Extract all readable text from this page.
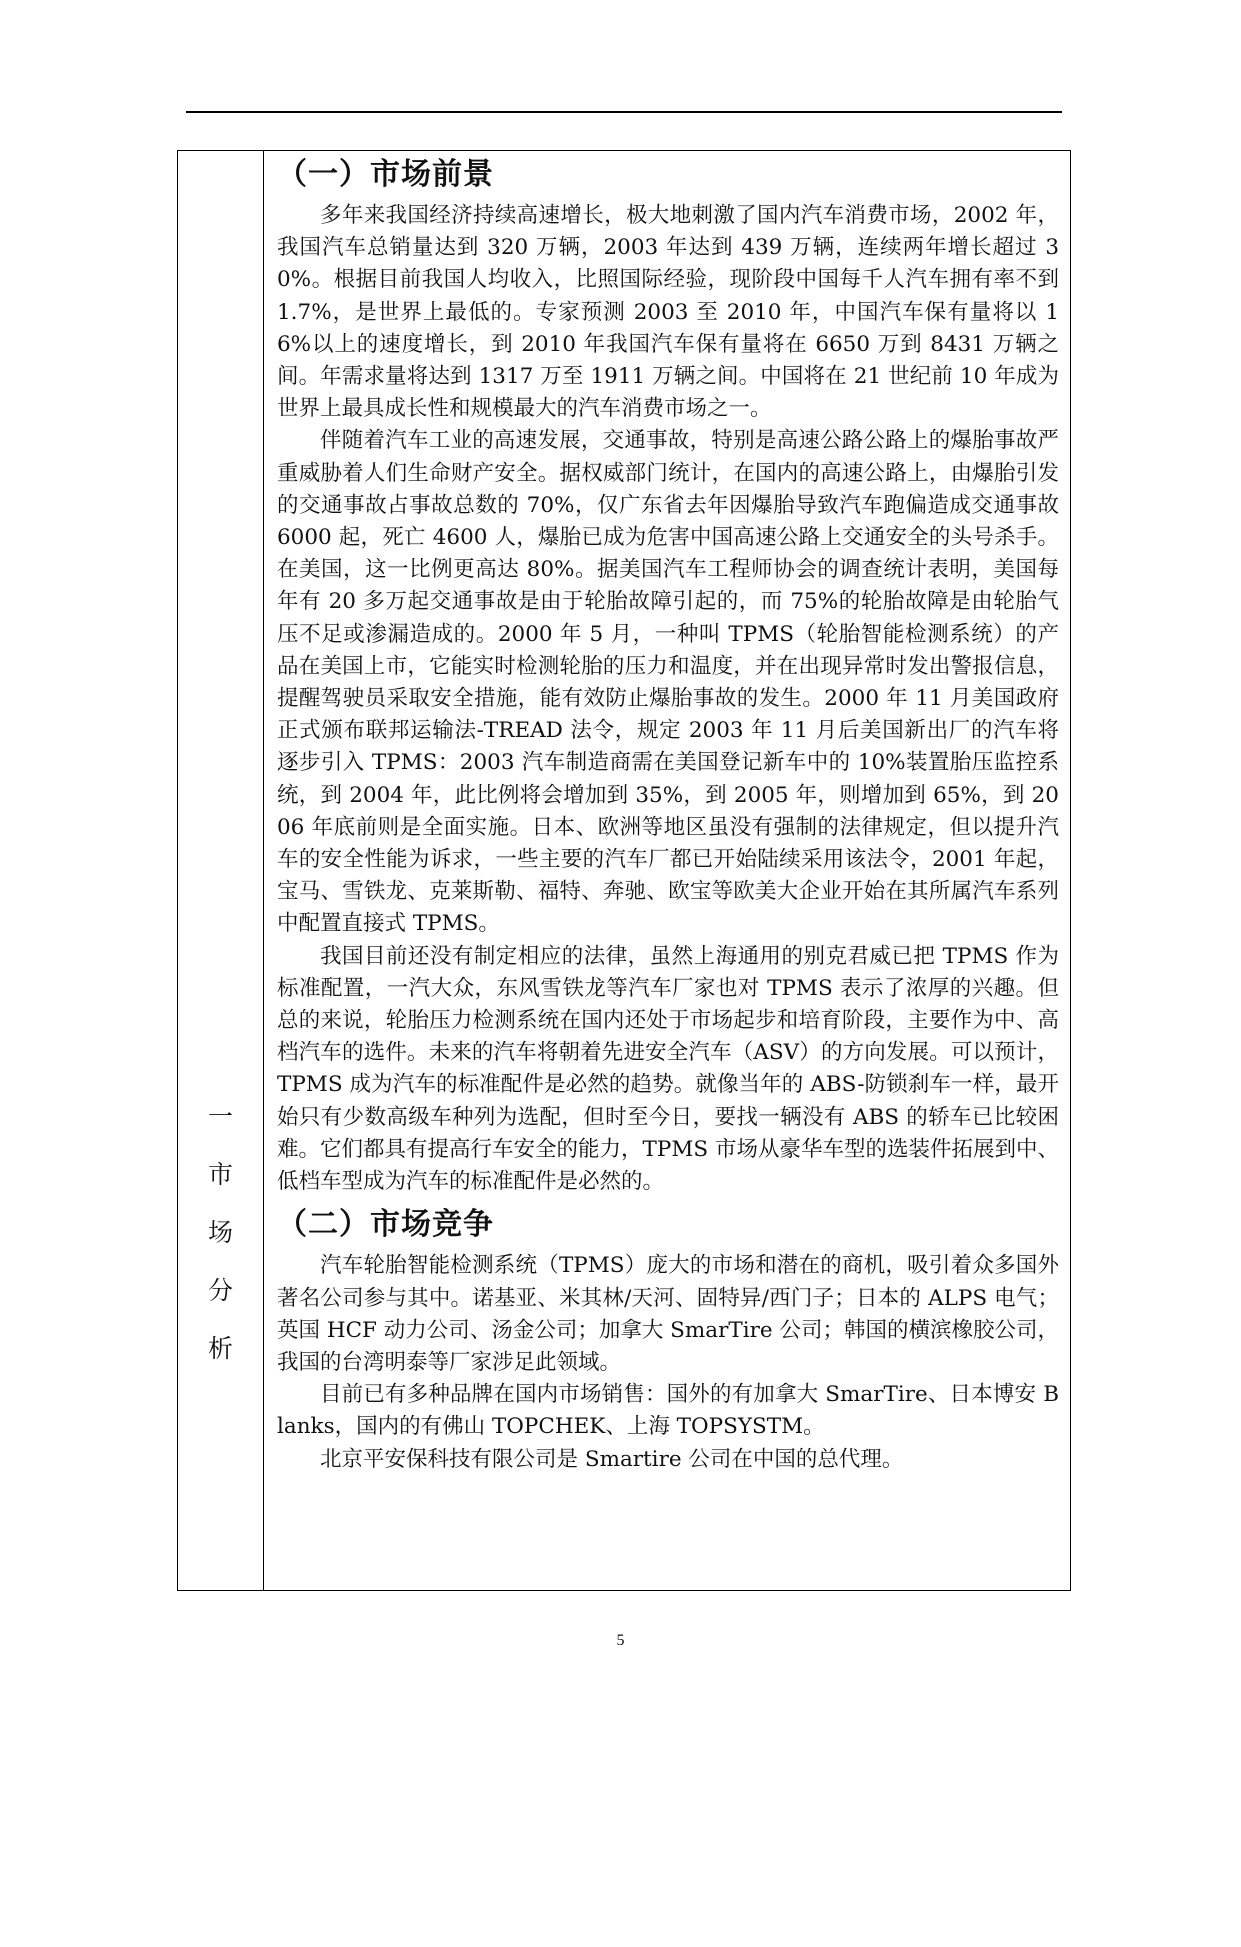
一
市
场
分
析
（一）市场前景

多年来我国经济持续高速增长，极大地刺激了国内汽车消费市场，2002 年，我国汽车总销量达到 320 万辆，2003 年达到 439 万辆，连续两年增长超过 30%。根据目前我国人均收入，比照国际经验，现阶段中国每千人汽车拥有率不到 1.7%，是世界上最低的。专家预测 2003 至 2010 年，中国汽车保有量将以 16%以上的速度增长，到 2010 年我国汽车保有量将在 6650 万到 8431 万辆之间。年需求量将达到 1317 万至 1911 万辆之间。中国将在 21 世纪前 10 年成为世界上最具成长性和规模最大的汽车消费市场之一。

伴随着汽车工业的高速发展，交通事故，特别是高速公路公路上的爆胎事故严重威胁着人们生命财产安全。据权威部门统计，在国内的高速公路上，由爆胎引发的交通事故占事故总数的 70%，仅广东省去年因爆胎导致汽车跑偏造成交通事故 6000 起，死亡 4600 人，爆胎已成为危害中国高速公路上交通安全的头号杀手。在美国，这一比例更高达 80%。据美国汽车工程师协会的调查统计表明，美国每年有 20 多万起交通事故是由于轮胎故障引起的，而 75%的轮胎故障是由轮胎气压不足或渗漏造成的。2000 年 5 月，一种叫 TPMS（轮胎智能检测系统）的产品在美国上市，它能实时检测轮胎的压力和温度，并在出现异常时发出警报信息，提醒驾驶员采取安全措施，能有效防止爆胎事故的发生。2000 年 11 月美国政府正式颁布联邦运输法-TREAD 法令，规定 2003 年 11 月后美国新出厂的汽车将逐步引入 TPMS：2003 汽车制造商需在美国登记新车中的 10%装置胎压监控系统，到 2004 年，此比例将会增加到 35%，到 2005 年，则增加到 65%，到 2006 年底前则是全面实施。日本、欧洲等地区虽没有强制的法律规定，但以提升汽车的安全性能为诉求，一些主要的汽车厂都已开始陆续采用该法令，2001 年起，宝马、雪铁龙、克莱斯勒、福特、奔驰、欧宝等欧美大企业开始在其所属汽车系列中配置直接式 TPMS。

我国目前还没有制定相应的法律，虽然上海通用的别克君威已把 TPMS 作为标准配置，一汽大众，东风雪铁龙等汽车厂家也对 TPMS 表示了浓厚的兴趣。但总的来说，轮胎压力检测系统在国内还处于市场起步和培育阶段，主要作为中、高档汽车的选件。未来的汽车将朝着先进安全汽车（ASV）的方向发展。可以预计，TPMS 成为汽车的标准配件是必然的趋势。就像当年的 ABS-防锁刹车一样，最开始只有少数高级车种列为选配，但时至今日，要找一辆没有 ABS 的轿车已比较困难。它们都具有提高行车安全的能力，TPMS 市场从豪华车型的选装件拓展到中、低档车型成为汽车的标准配件是必然的。

（二）市场竞争

汽车轮胎智能检测系统（TPMS）庞大的市场和潜在的商机，吸引着众多国外著名公司参与其中。诺基亚、米其林/天河、固特异/西门子；日本的 ALPS 电气；英国 HCF 动力公司、汤金公司；加拿大 SmarTire 公司；韩国的横滨橡胶公司，我国的台湾明泰等厂家涉足此领域。

目前已有多种品牌在国内市场销售：国外的有加拿大 SmarTire、日本博安 Blanks，国内的有佛山 TOPCHEK、上海 TOPSYSTM。

北京平安保科技有限公司是 Smartire 公司在中国的总代理。

5
